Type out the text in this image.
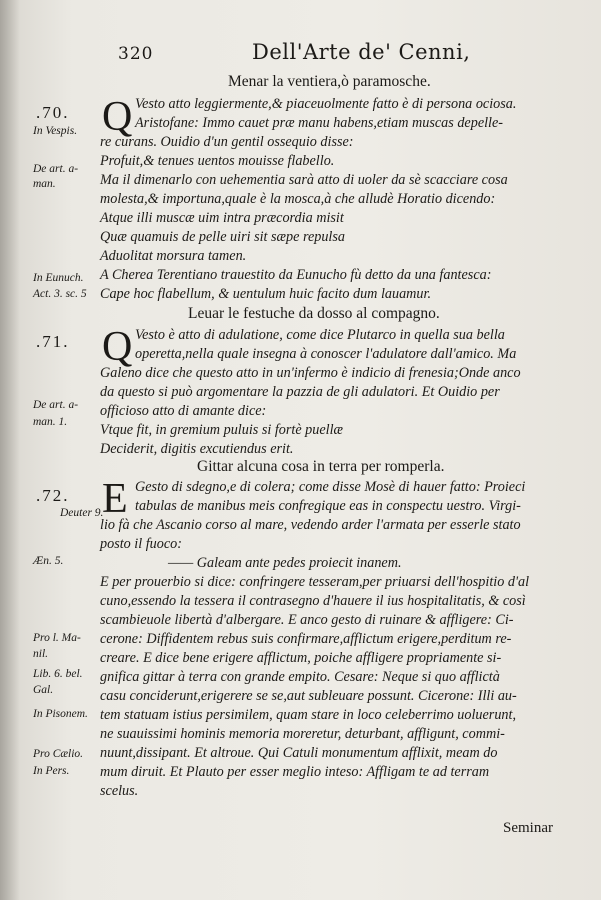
320	Dell'Arte de' Cenni,
Menar la ventiera,ò paramosche.
.70.
In Vespis.
De art. a-
man.
In Eunuch.
Act. 3. sc. 5
Q Vesto atto leggiermente,& piaceuolmente fatto è di persona ociosa.
Aristofane: Immo cauet præ manu habens,etiam muscas depelle-
re curans. Ouidio d'un gentil ossequio disse:
Profuit,& tenues uentos mouisse flabello.
Ma il dimenarlo con uehementia sarà atto di uoler da sè scacciare cosa
molesta,& importuna,quale è la mosca,à che alludè Horatio dicendo:
Atque illi muscæ uim intra præcordia misit
Quæ quamuis de pelle uiri sit sæpe repulsa
Aduolitat morsura tamen.
A Cherea Terentiano trauestito da Eunucho fù detto da una fantesca:
Cape hoc flabellum, & uentulum huic facito dum lauamur.
Leuar le festuche da dosso al compagno.
.71.
De art. a-
man. 1.
Q Vesto è atto di adulatione, come dice Plutarco in quella sua bella
operetta,nella quale insegna à conoscer l'adulatore dall'amico. Ma
Galeno dice che questo atto in un'infermo è indicio di frenesia;Onde anco
da questo si può argomentare la pazzia de gli adulatori. Et Ouidio per
officioso atto di amante dice:
Vtque fit, in gremium puluis si fortè puellæ
Deciderit, digitis excutiendus erit.
Gittar alcuna cosa in terra per romperla.
.72.
Deuter 9.
Æn. 5.
Pro l. Ma-
nil.
Lib. 6. bel.
Gal.
In Pisonem.
Pro Cælio.
In Pers.
E Gesto di sdegno,e di colera; come disse Mosè di hauer fatto: Proieci
tabulas de manibus meis confregique eas in conspectu uestro. Virgi-
lio fà che Ascanio corso al mare, vedendo arder l'armata per esserle stato
posto il fuoco:
—— Galeam ante pedes proiecit inanem.
E per prouerbio si dice: confringere tesseram,per priuarsi dell'hospitio d'al
cuno,essendo la tessera il contrasegno d'hauere il ius hospitalitatis, & così
scambieuole libertà d'albergare. E anco gesto di ruinare & affligere: Ci-
cerone: Diffidentem rebus suis confirmare,afflictum erigere,perditum re-
creare. E dice bene erigere afflictum, poiche affligere propriamente si-
gnifica gittar à terra con grande empito. Cesare: Neque si quo afflictà
casu conciderunt,erigerere se se,aut subleuare possunt. Cicerone: Illi au-
tem statuam istius persimilem, quam stare in loco celeberrimo uoluerunt,
ne suauissimi hominis memoria moreretur, deturbant, affligunt, commi-
nuunt,dissipant. Et altroue. Qui Catuli monumentum afflixit, meam do
mum diruit. Et Plauto per esser meglio inteso: Affligam te ad terram
scelus.
Seminar
